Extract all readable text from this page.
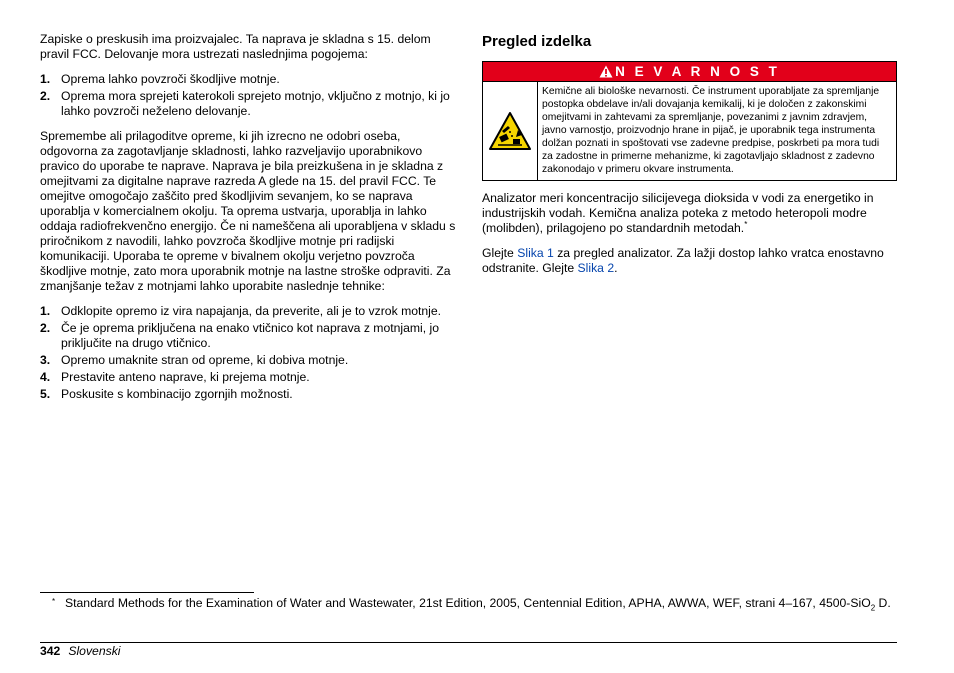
Zapiske o preskusih ima proizvajalec. Ta naprava je skladna s 15. delom pravil FCC. Delovanje mora ustrezati naslednjima pogojema:

1. Oprema lahko povzroči škodljive motnje.
2. Oprema mora sprejeti katerokoli sprejeto motnjo, vključno z motnjo, ki jo lahko povzroči neželeno delovanje.

Spremembe ali prilagoditve opreme, ki jih izrecno ne odobri oseba, odgovorna za zagotavljanje skladnosti, lahko razveljavijo uporabnikovo pravico do uporabe te naprave. Naprava je bila preizkušena in je skladna z omejitvami za digitalne naprave razreda A glede na 15. del pravil FCC. Te omejitve omogočajo zaščito pred škodljivim sevanjem, ko se naprava uporablja v komercialnem okolju. Ta oprema ustvarja, uporablja in lahko oddaja radiofrekvenčno energijo. Če ni nameščena ali uporabljena v skladu s priročnikom z navodili, lahko povzroča škodljive motnje pri radijski komunikaciji. Uporaba te opreme v bivalnem okolju verjetno povzroča škodljive motnje, zato mora uporabnik motnje na lastne stroške odpraviti. Za zmanjšanje težav z motnjami lahko uporabite naslednje tehnike:

1. Odklopite opremo iz vira napajanja, da preverite, ali je to vzrok motnje.
2. Če je oprema priključena na enako vtičnico kot naprava z motnjami, jo priključite na drugo vtičnico.
3. Opremo umaknite stran od opreme, ki dobiva motnje.
4. Prestavite anteno naprave, ki prejema motnje.
5. Poskusite s kombinacijo zgornjih možnosti.
Pregled izdelka
N E V A R N O S T
Kemične ali biološke nevarnosti. Če instrument uporabljate za spremljanje postopka obdelave in/ali dovajanja kemikalij, ki je določen z zakonskimi omejitvami in zahtevami za spremljanje, povezanimi z javnim zdravjem, javno varnostjo, proizvodnjo hrane in pijač, je uporabnik tega instrumenta dolžan poznati in spoštovati vse zadevne predpise, poskrbeti pa mora tudi za zadostne in primerne mehanizme, ki zagotavljajo skladnost z zadevno zakonodajo v primeru okvare instrumenta.

Analizator meri koncentracijo silicijevega dioksida v vodi za energetiko in industrijskih vodah. Kemična analiza poteka z metodo heteropoli modre (molibden), prilagojeno po standardnih metodah.*

Glejte Slika 1 za pregled analizator. Za lažji dostop lahko vratca enostavno odstranite. Glejte Slika 2.

* Standard Methods for the Examination of Water and Wastewater, 21st Edition, 2005, Centennial Edition, APHA, AWWA, WEF, strani 4–167, 4500-SiO$_2$ D.
342 Slovenski
